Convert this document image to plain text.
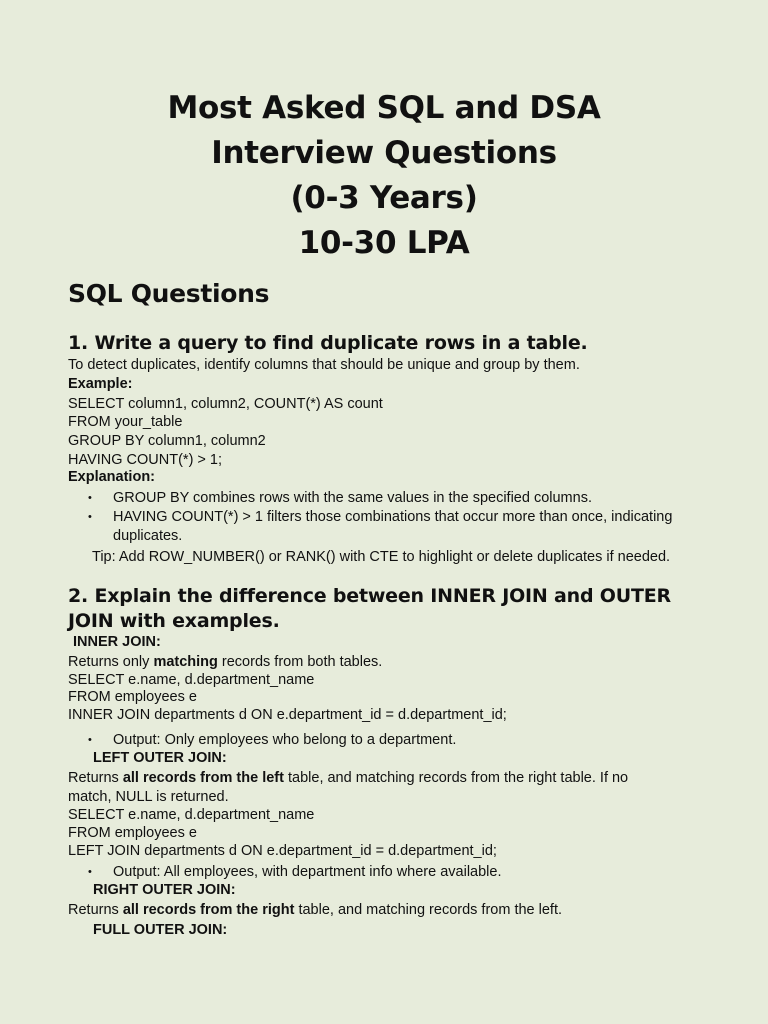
Most Asked SQL and DSA
Interview Questions
(0-3 Years)
10-30 LPA
SQL Questions
1. Write a query to find duplicate rows in a table.
To detect duplicates, identify columns that should be unique and group by them.
Example:
SELECT column1, column2, COUNT(*) AS count
FROM your_table
GROUP BY column1, column2
HAVING COUNT(*) > 1;
Explanation:
• GROUP BY combines rows with the same values in the specified columns.
• HAVING COUNT(*) > 1 filters those combinations that occur more than once, indicating
duplicates.
Tip: Add ROW_NUMBER() or RANK() with CTE to highlight or delete duplicates if needed.
2. Explain the difference between INNER JOIN and OUTER
JOIN with examples.
INNER JOIN:
Returns only matching records from both tables.
SELECT e.name, d.department_name
FROM employees e
INNER JOIN departments d ON e.department_id = d.department_id;
• Output: Only employees who belong to a department.
LEFT OUTER JOIN:
Returns all records from the left table, and matching records from the right table. If no
match, NULL is returned.
SELECT e.name, d.department_name
FROM employees e
LEFT JOIN departments d ON e.department_id = d.department_id;
• Output: All employees, with department info where available.
RIGHT OUTER JOIN:
Returns all records from the right table, and matching records from the left.
FULL OUTER JOIN:
